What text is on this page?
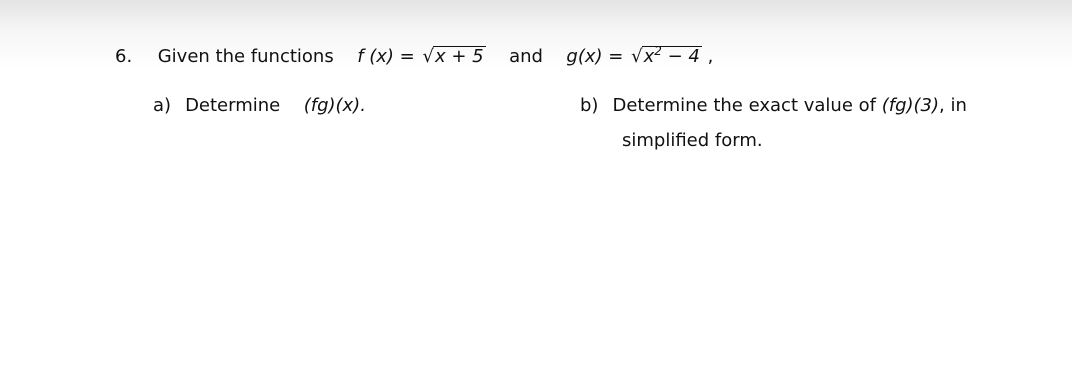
6. Given the functions f (x) = √x + 5 and $g(x) = √x^2 - 4$ ,
a) Determine (fg)(x).	b) Determine the exact value of (fg)(3), in
simplified form.
